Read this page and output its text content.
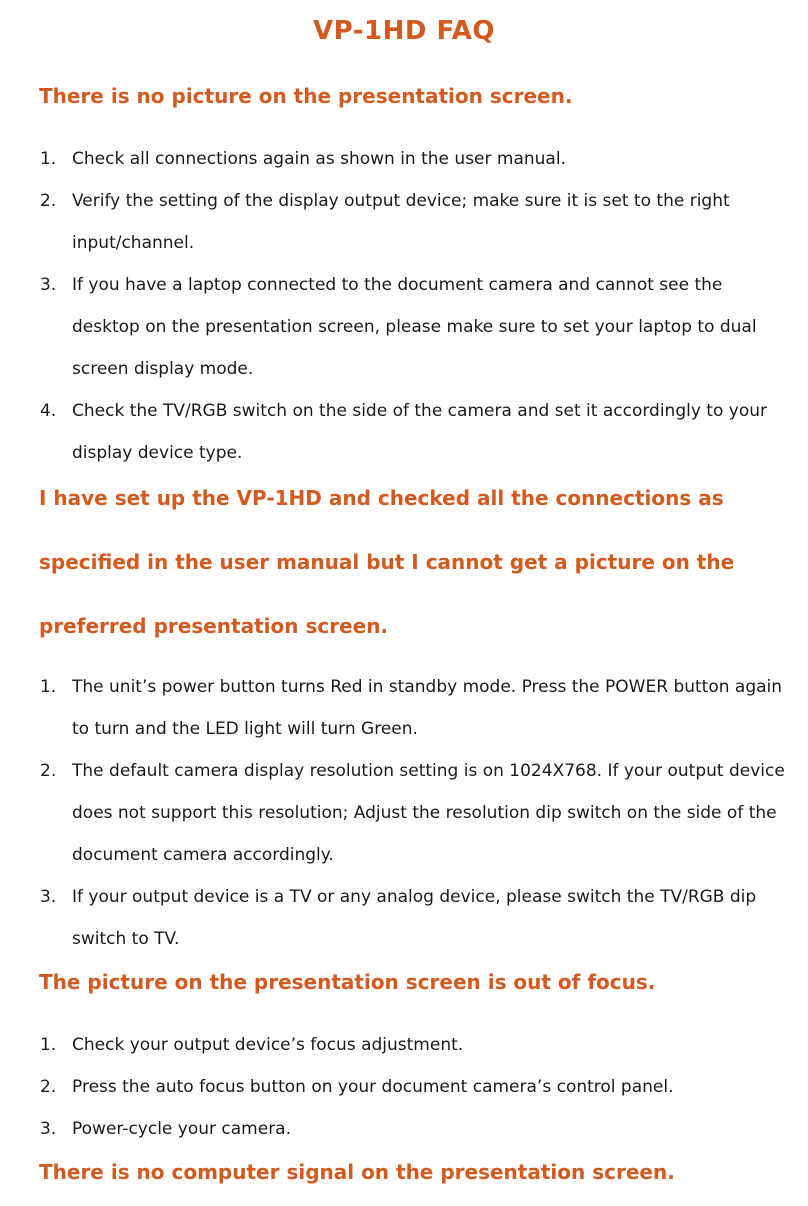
VP-1HD FAQ
There is no picture on the presentation screen.
1. Check all connections again as shown in the user manual.
2. Verify the setting of the display output device; make sure it is set to the right input/channel.
3. If you have a laptop connected to the document camera and cannot see the desktop on the presentation screen, please make sure to set your laptop to dual screen display mode.
4. Check the TV/RGB switch on the side of the camera and set it accordingly to your display device type.
I have set up the VP-1HD and checked all the connections as specified in the user manual but I cannot get a picture on the preferred presentation screen.
1. The unit’s power button turns Red in standby mode. Press the POWER button again to turn and the LED light will turn Green.
2. The default camera display resolution setting is on 1024X768. If your output device does not support this resolution; Adjust the resolution dip switch on the side of the document camera accordingly.
3. If your output device is a TV or any analog device, please switch the TV/RGB dip switch to TV.
The picture on the presentation screen is out of focus.
1. Check your output device’s focus adjustment.
2. Press the auto focus button on your document camera’s control panel.
3. Power-cycle your camera.
There is no computer signal on the presentation screen.
